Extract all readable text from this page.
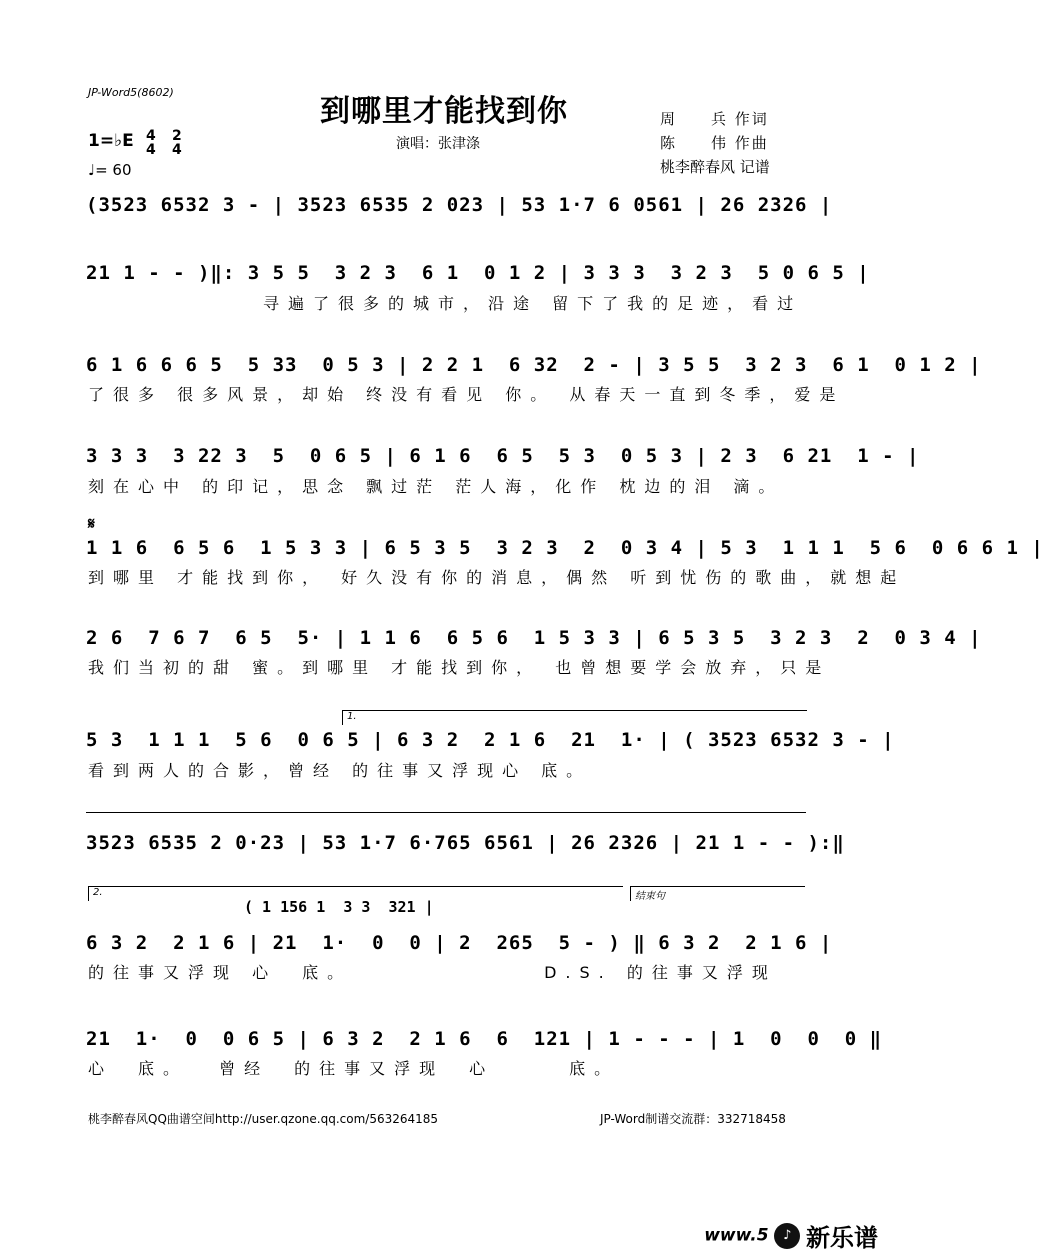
JP-Word5(8602)
到哪里才能找到你
演唱：张津涤
周　　兵 作词
陈　　伟 作曲
桃李醉春风 记谱
1=♭E 4
4
2
4
♩= 60
(3523 6532 3 - | 3523 6535 2 023 | 53 1·7 6 0561 | 26 2326 |
21 1 - - )‖: 3 5 5  3 2 3  6 1  0 1 2 | 3 3 3  3 2 3  5 0 6 5 |
　　　　　　　寻遍了很多的城市，沿途 留下了我的足迹，看过
6 1 6 6 6 5  5 33  0 5 3 | 2 2 1  6 32  2 - | 3 5 5  3 2 3  6 1  0 1 2 |
了很多 很多风景，却始 终没有看见 你。 从春天一直到冬季，爱是
3 3 3  3 22 3  5  0 6 5 | 6 1 6  6 5  5 3  0 5 3 | 2 3  6 21  1 - |
刻在心中 的印记，思念 飘过茫 茫人海，化作 枕边的泪 滴。
𝄋
1 1 6  6 5 6  1 5 3 3 | 6 5 3 5  3 2 3  2  0 3 4 | 5 3  1 1 1  5 6  0 6 6 1 |
到哪里 才能找到你， 好久没有你的消息，偶然 听到忧伤的歌曲，就想起
2 6  7 6 7  6 5  5· | 1 1 6  6 5 6  1 5 3 3 | 6 5 3 5  3 2 3  2  0 3 4 |
我们当初的甜 蜜。到哪里 才能找到你， 也曾想要学会放弃，只是
1.
5 3  1 1 1  5 6  0 6 5 | 6 3 2  2 1 6  21  1· | ( 3523 6532 3 - |
看到两人的合影，曾经 的往事又浮现心 底。
3523 6535 2 0·23 | 53 1·7 6·765 6561 | 26 2326 | 21 1 - - ):‖
2.	结束句
( 1 156 1  3 3  321 |
6 3 2  2 1 6 | 21  1·  0  0 | 2  265  5 - ) ‖ 6 3 2  2 1 6 |
的往事又浮现 心　底。　　　　　　　　D.S. 的往事又浮现
21  1·  0  0 6 5 | 6 3 2  2 1 6  6  121 | 1 - - - | 1  0  0  0 ‖
心　底。　 曾经　的往事又浮现　心　　　底。
桃李醉春风QQ曲谱空间http://user.qzone.qq.com/563264185	JP-Word制谱交流群：332718458
www.5 ♪ 新乐谱
